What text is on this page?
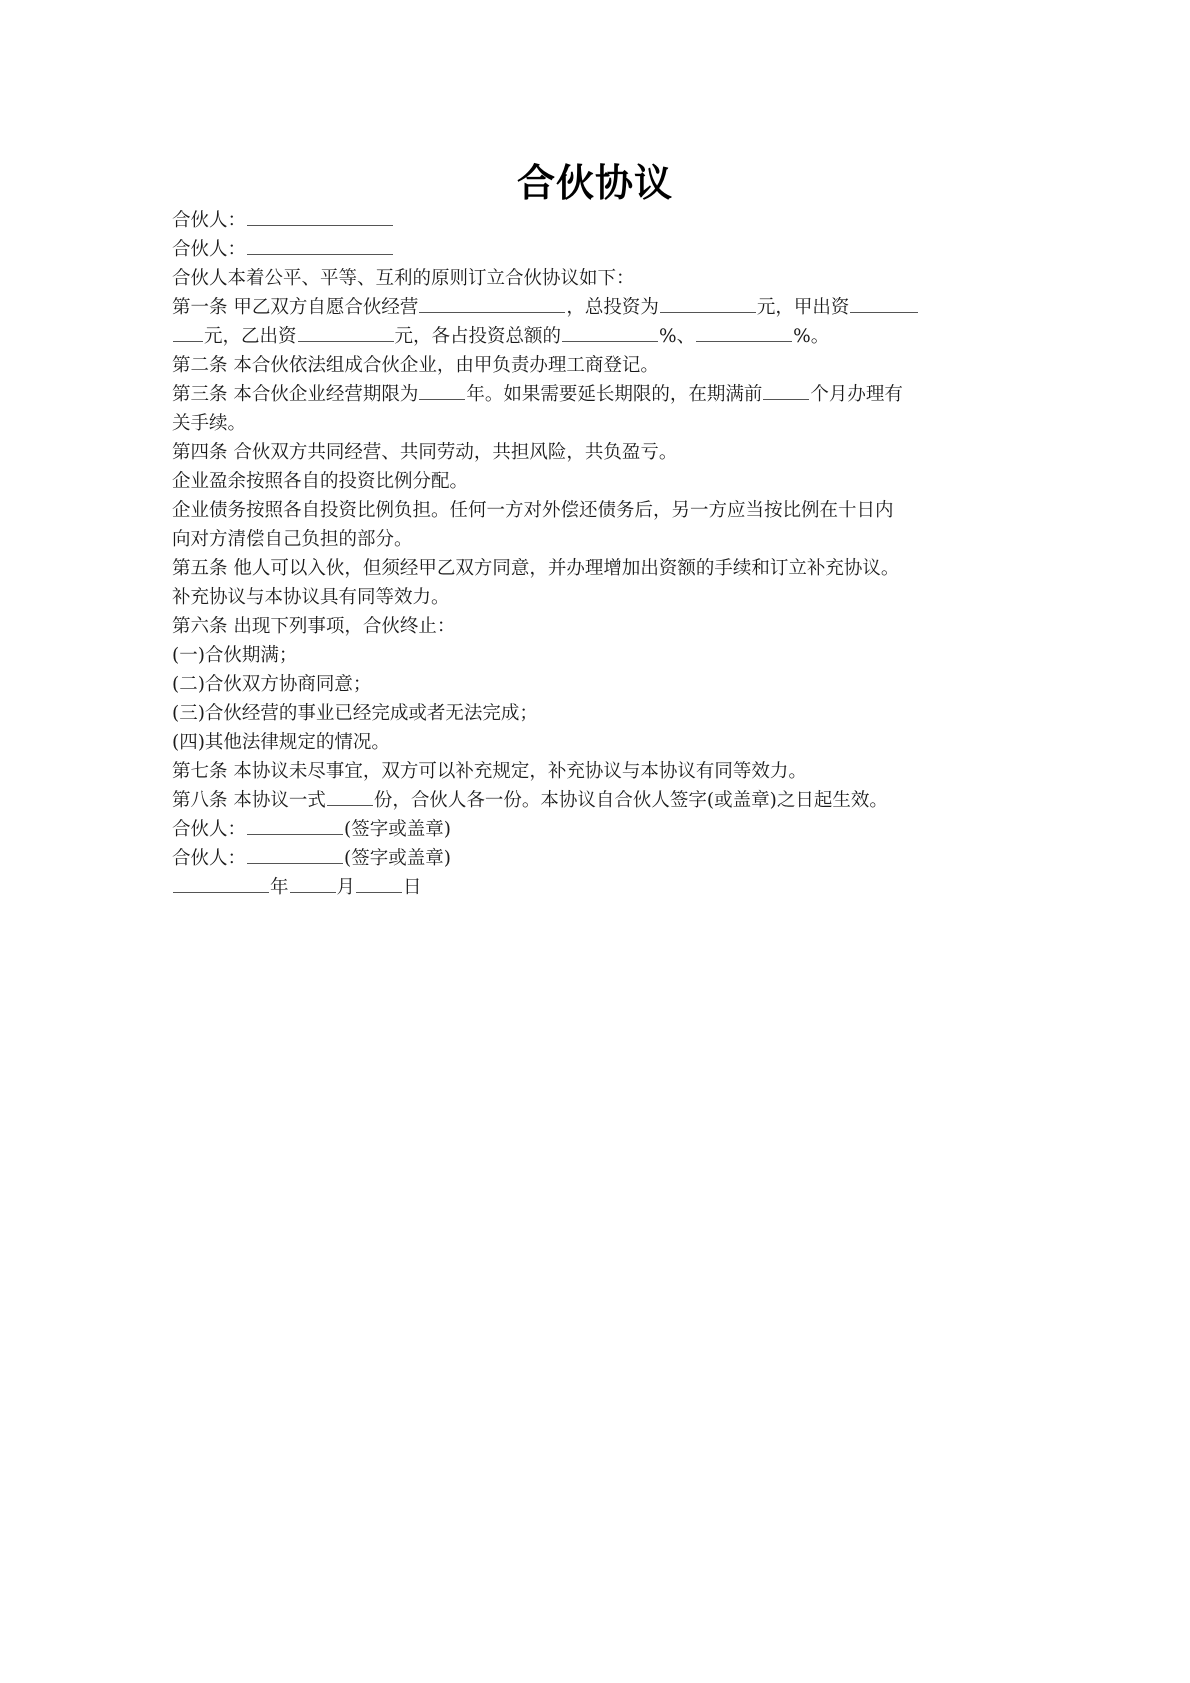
合伙协议
合伙人：
合伙人：
合伙人本着公平、平等、互利的原则订立合伙协议如下：
第一条 甲乙双方自愿合伙经营	，总投资为	元，甲出资
元，乙出资	元，各占投资总额的	%、	%。
第二条 本合伙依法组成合伙企业，由甲负责办理工商登记。
第三条 本合伙企业经营期限为	年。如果需要延长期限的，在期满前	个月办理有
关手续。
第四条 合伙双方共同经营、共同劳动，共担风险，共负盈亏。
企业盈余按照各自的投资比例分配。
企业债务按照各自投资比例负担。任何一方对外偿还债务后，另一方应当按比例在十日内
向对方清偿自己负担的部分。
第五条 他人可以入伙，但须经甲乙双方同意，并办理增加出资额的手续和订立补充协议。
补充协议与本协议具有同等效力。
第六条 出现下列事项，合伙终止：
(一)合伙期满；
(二)合伙双方协商同意；
(三)合伙经营的事业已经完成或者无法完成；
(四)其他法律规定的情况。
第七条 本协议未尽事宜，双方可以补充规定，补充协议与本协议有同等效力。
第八条 本协议一式	份，合伙人各一份。本协议自合伙人签字(或盖章)之日起生效。
合伙人：	(签字或盖章)
合伙人：	(签字或盖章)
年	月	日
